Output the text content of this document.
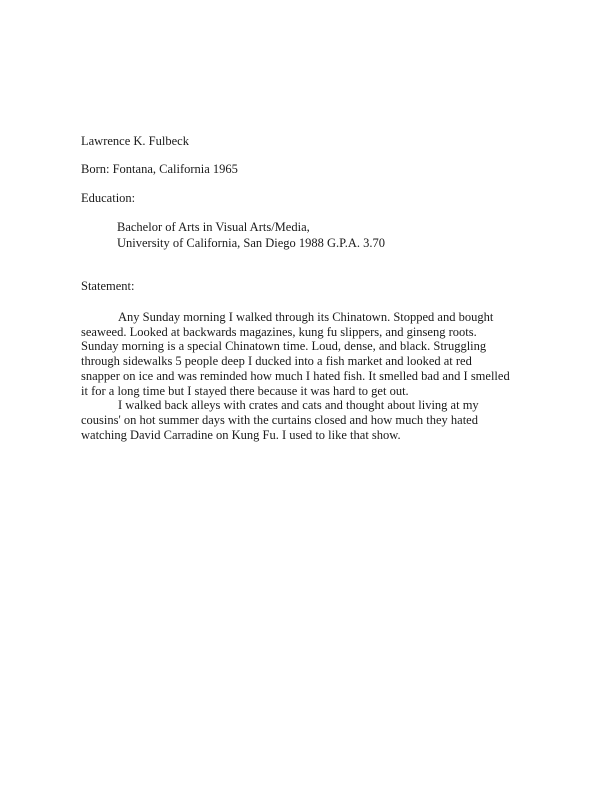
Lawrence K. Fulbeck
Born: Fontana, California 1965
Education:
Bachelor of Arts in Visual Arts/Media,
University of California, San Diego 1988 G.P.A. 3.70
Statement:

Any Sunday morning I walked through its Chinatown. Stopped and bought seaweed. Looked at backwards magazines, kung fu slippers, and ginseng roots. Sunday morning is a special Chinatown time. Loud, dense, and black. Struggling through sidewalks 5 people deep I ducked into a fish market and looked at red snapper on ice and was reminded how much I hated fish. It smelled bad and I smelled it for a long time but I stayed there because it was hard to get out.

I walked back alleys with crates and cats and thought about living at my cousins' on hot summer days with the curtains closed and how much they hated watching David Carradine on Kung Fu. I used to like that show.
